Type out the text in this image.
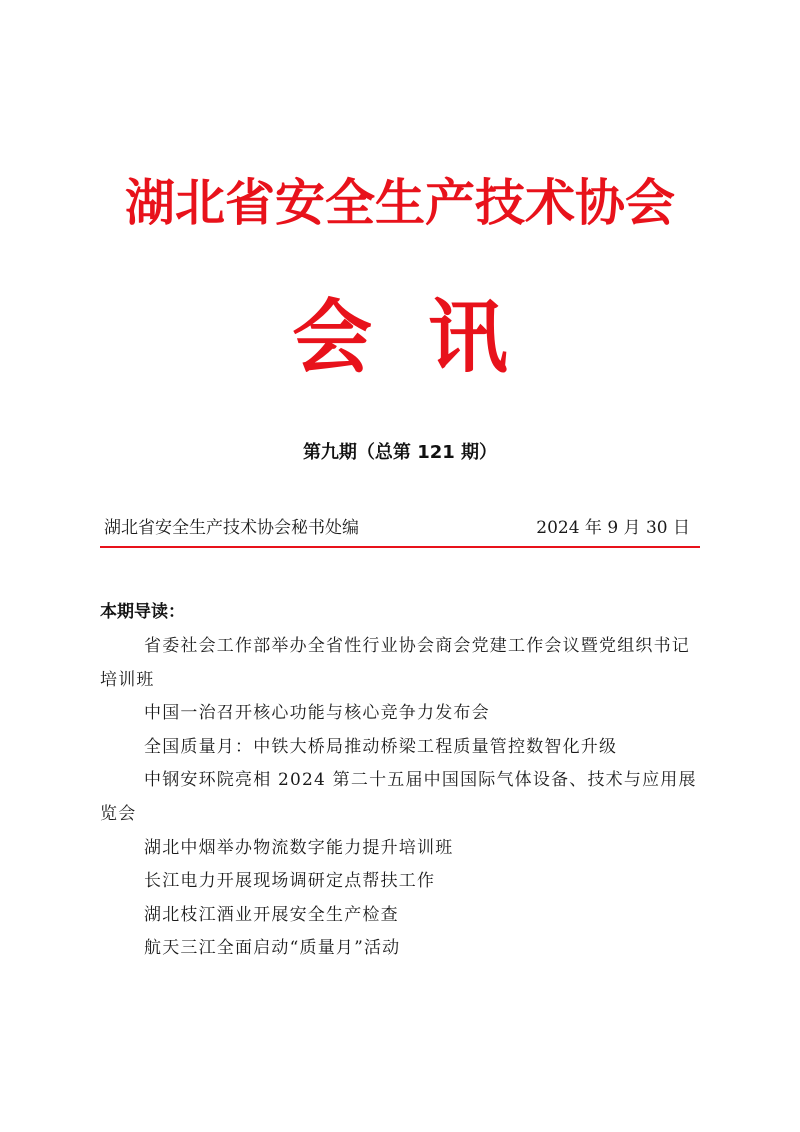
湖北省安全生产技术协会
会  讯
第九期（总第 121 期）
湖北省安全生产技术协会秘书处编	2024 年 9 月 30 日
本期导读：
省委社会工作部举办全省性行业协会商会党建工作会议暨党组织书记培训班
中国一治召开核心功能与核心竞争力发布会
全国质量月：中铁大桥局推动桥梁工程质量管控数智化升级
中钢安环院亮相 2024 第二十五届中国国际气体设备、技术与应用展览会
湖北中烟举办物流数字能力提升培训班
长江电力开展现场调研定点帮扶工作
湖北枝江酒业开展安全生产检查
航天三江全面启动“质量月”活动
